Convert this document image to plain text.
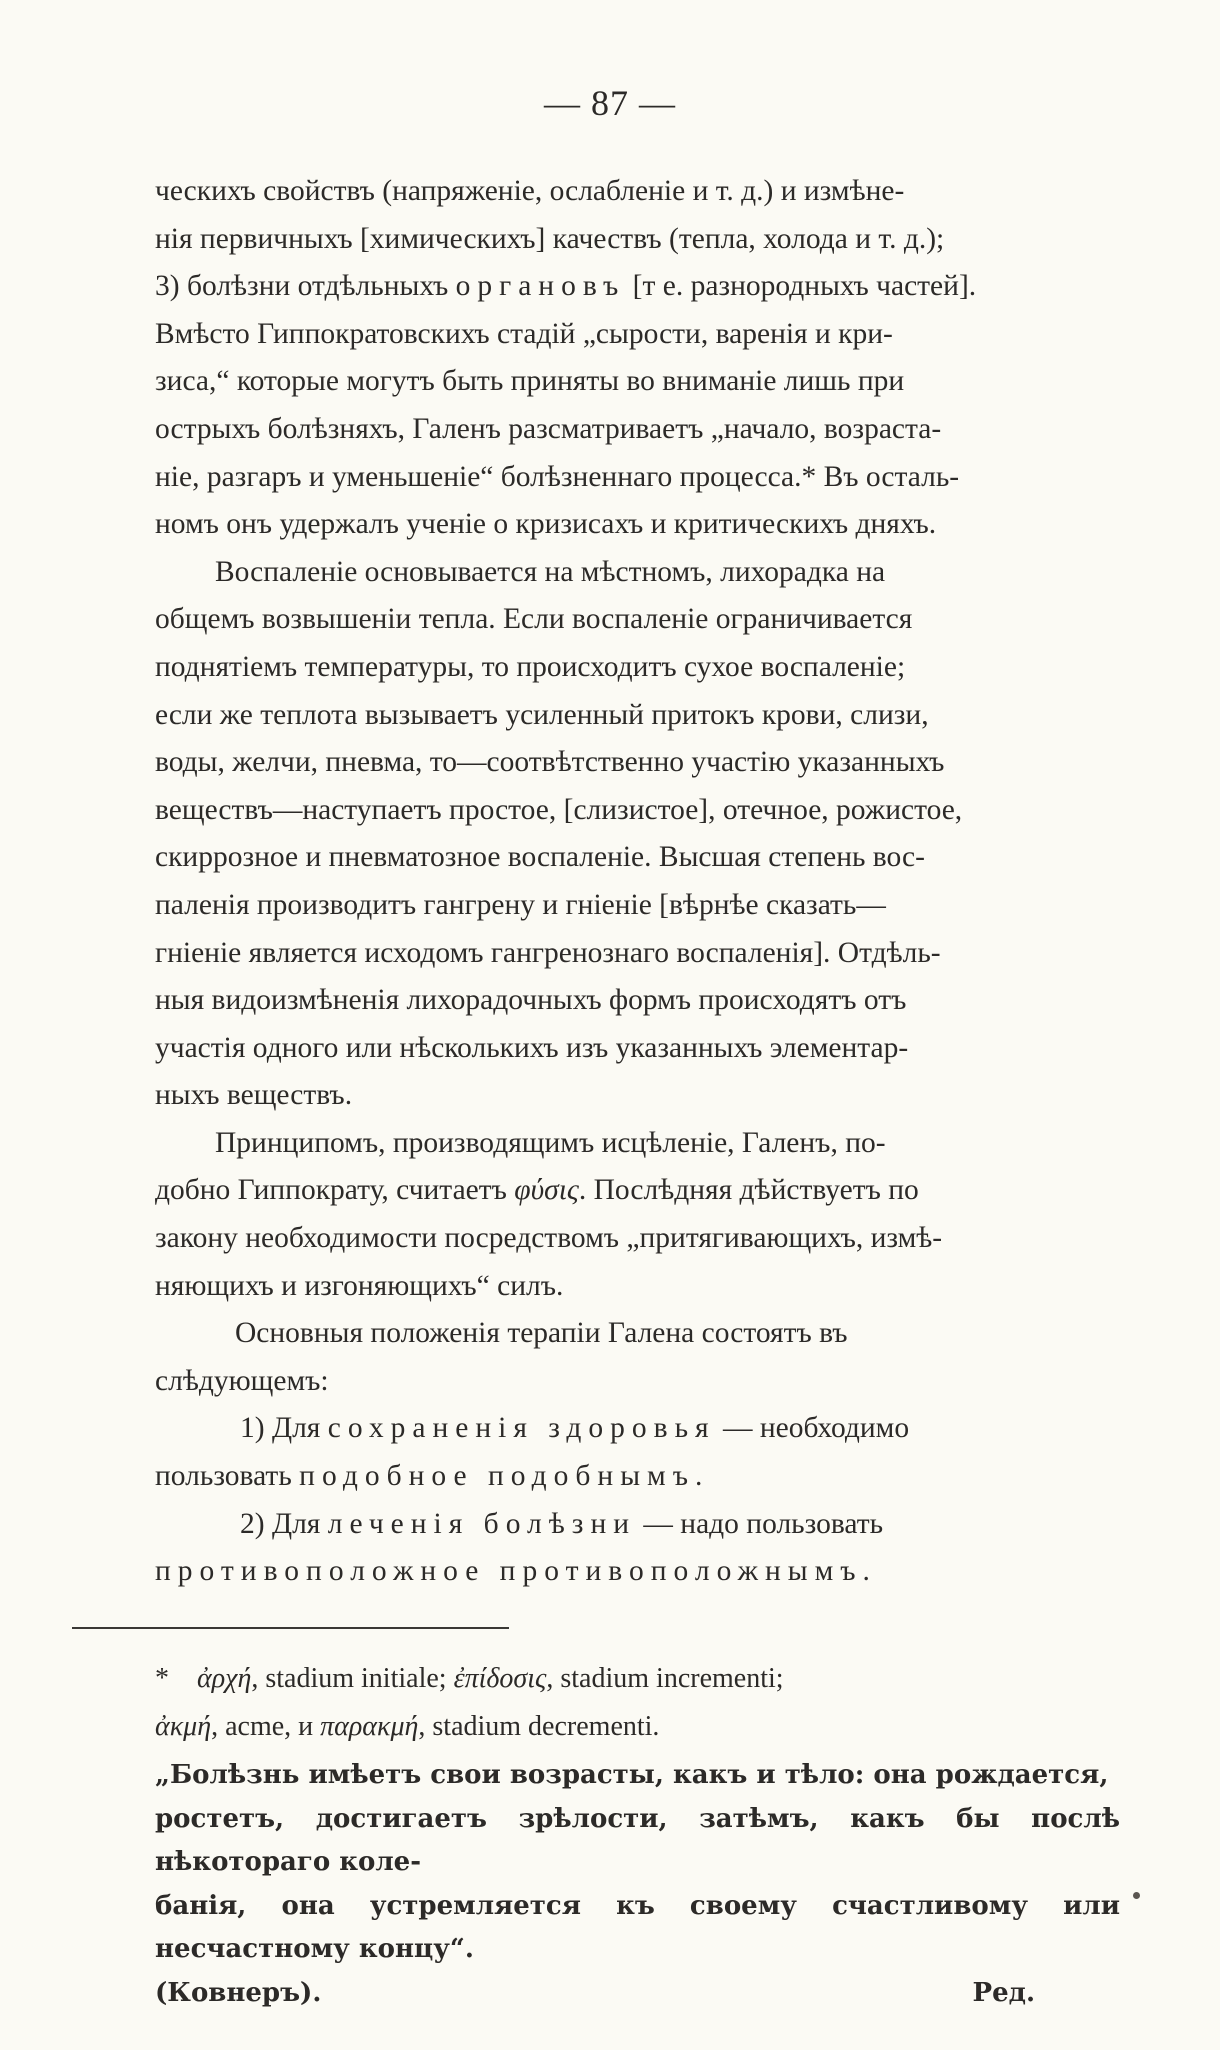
— 87 —

ческихъ свойствъ (напряженіе, ослабленіе и т. д.) и измѣне-

нія первичныхъ [химическихъ] качествъ (тепла, холода и т. д.);

3) болѣзни отдѣльныхъ органовъ [т е. разнородныхъ частей].

Вмѣсто Гиппократовскихъ стадій „сырости, варенія и кри-

зиса,“ которые могутъ быть приняты во вниманіе лишь при

острыхъ болѣзняхъ, Галенъ разсматриваетъ „начало, возраста-

ніе, разгаръ и уменьшеніе“ болѣзненнаго процесса.* Въ осталь-

номъ онъ удержалъ ученіе о кризисахъ и критическихъ дняхъ.

Воспаленіе основывается на мѣстномъ, лихорадка на

общемъ возвышеніи тепла. Если воспаленіе ограничивается

поднятіемъ температуры, то происходитъ сухое воспаленіе;

если же теплота вызываетъ усиленный притокъ крови, слизи,

воды, желчи, пневма, то—соотвѣтственно участію указанныхъ

веществъ—наступаетъ простое, [слизистое], отечное, рожистое,

скиррозное и пневматозное воспаленіе. Высшая степень вос-

паленія производитъ гангрену и гніеніе [вѣрнѣе сказать—

гніеніе является исходомъ гангренознаго воспаленія]. Отдѣль-

ныя видоизмѣненія лихорадочныхъ формъ происходятъ отъ

участія одного или нѣсколькихъ изъ указанныхъ элементар-

ныхъ веществъ.

Принципомъ, производящимъ исцѣленіе, Галенъ, по-

добно Гиппократу, считаетъ φύσις. Послѣдняя дѣйствуетъ по

закону необходимости посредствомъ „притягивающихъ, измѣ-

няющихъ и изгоняющихъ“ силъ.

Основныя положенія терапіи Галена состоятъ въ

слѣдующемъ:

1) Для сохраненія здоровья — необходимо

пользовать подобное подобнымъ.

2) Для леченія болѣзни — надо пользовать

противоположное противоположнымъ.

* ἀρχή, stadium initiale; ἐπίδοσις, stadium incrementi;

ἀκμή, acme, и παρακμή, stadium decrementi.

„Болѣзнь имѣетъ свои возрасты, какъ и тѣло: она рождается,

ростетъ, достигаетъ зрѣлости, затѣмъ, какъ бы послѣ нѣкотораго коле-

банія, она устремляется къ своему счастливому или несчастному концу“.

(Ковнеръ).	Ред.
